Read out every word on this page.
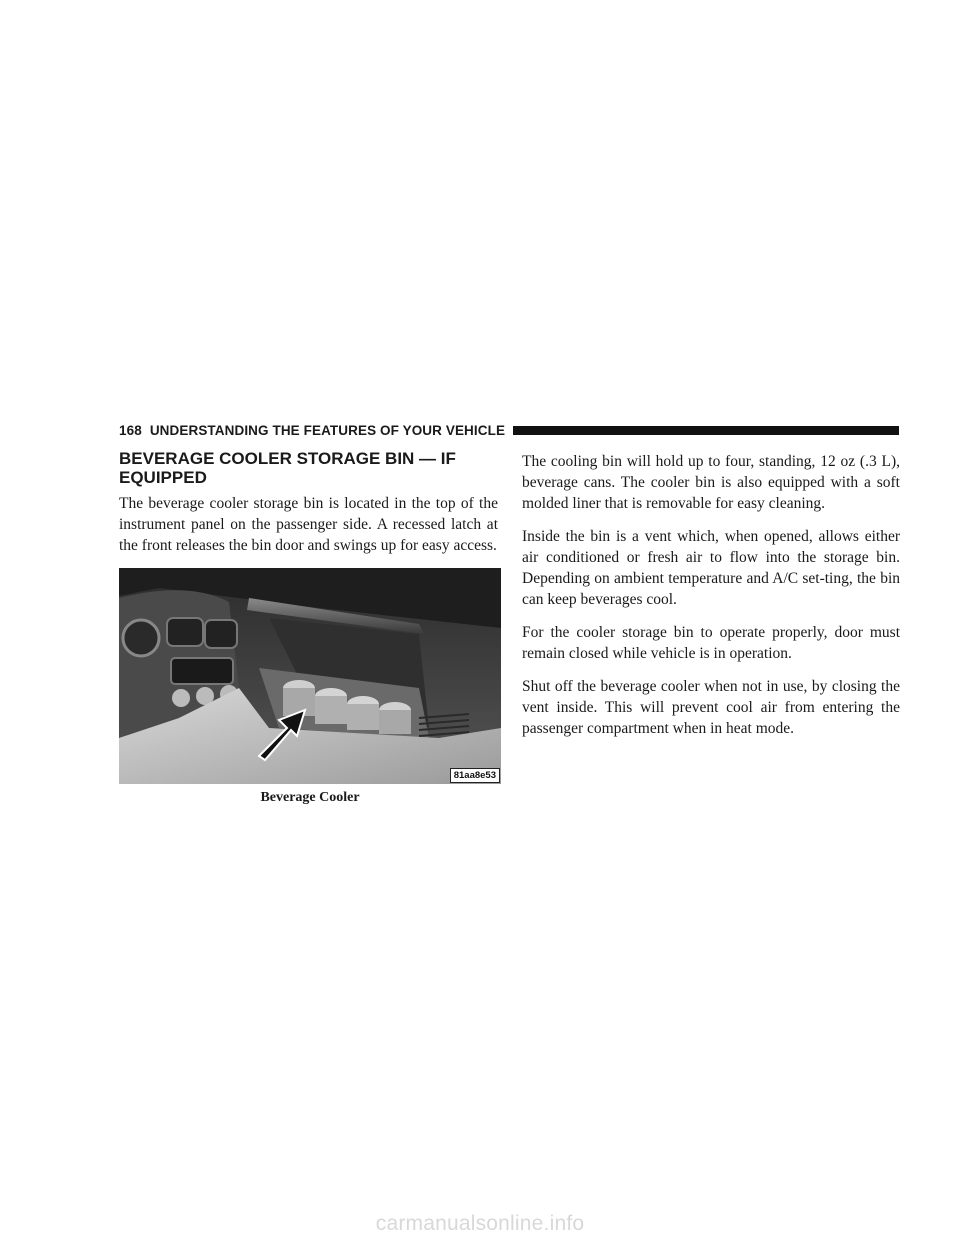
168 UNDERSTANDING THE FEATURES OF YOUR VEHICLE
BEVERAGE COOLER STORAGE BIN — IF EQUIPPED

The beverage cooler storage bin is located in the top of the instrument panel on the passenger side. A recessed latch at the front releases the bin door and swings up for easy access.

81aa8e53
Beverage Cooler

The cooling bin will hold up to four, standing, 12 oz (.3 L), beverage cans. The cooler bin is also equipped with a soft molded liner that is removable for easy cleaning.

Inside the bin is a vent which, when opened, allows either air conditioned or fresh air to flow into the storage bin. Depending on ambient temperature and A/C set-ting, the bin can keep beverages cool.

For the cooler storage bin to operate properly, door must remain closed while vehicle is in operation.

Shut off the beverage cooler when not in use, by closing the vent inside. This will prevent cool air from entering the passenger compartment when in heat mode.

carmanualsonline.info
